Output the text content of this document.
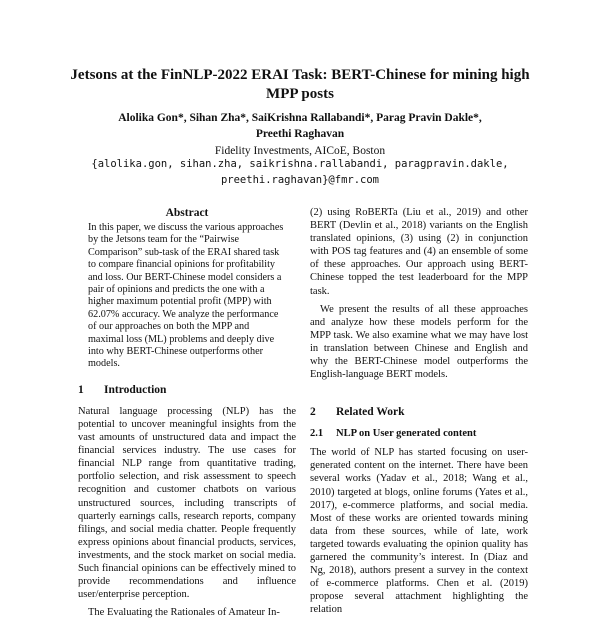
Jetsons at the FinNLP-2022 ERAI Task: BERT-Chinese for mining high
MPP posts
Alolika Gon*, Sihan Zha*, SaiKrishna Rallabandi*, Parag Pravin Dakle*,
Preethi Raghavan
Fidelity Investments, AICoE, Boston
{alolika.gon, sihan.zha, saikrishna.rallabandi, paragpravin.dakle,
preethi.raghavan}@fmr.com
Abstract

In this paper, we discuss the various approaches by the Jetsons team for the “Pairwise Comparison” sub-task of the ERAI shared task to compare financial opinions for profitability and loss. Our BERT-Chinese model considers a pair of opinions and predicts the one with a higher maximum potential profit (MPP) with 62.07% accuracy. We analyze the performance of our approaches on both the MPP and maximal loss (ML) problems and deeply dive into why BERT-Chinese outperforms other models.

1	Introduction

Natural language processing (NLP) has the potential to uncover meaningful insights from the vast amounts of unstructured data and impact the financial services industry. The use cases for financial NLP range from quantitative trading, portfolio selection, and risk assessment to speech recognition and customer chatbots on various unstructured sources, including transcripts of quarterly earnings calls, research reports, company filings, and social media chatter. People frequently express opinions about financial products, services, investments, and the stock market on social media. Such financial opinions can be effectively mined to provide recommendations and influence user/enterprise perception.

The Evaluating the Rationales of Amateur In-

(2) using RoBERTa (Liu et al., 2019) and other BERT (Devlin et al., 2018) variants on the English translated opinions, (3) using (2) in conjunction with POS tag features and (4) an ensemble of some of these approaches. Our approach using BERT-Chinese topped the test leaderboard for the MPP task.

We present the results of all these approaches and analyze how these models perform for the MPP task. We also examine what we may have lost in translation between Chinese and English and why the BERT-Chinese model outperforms the English-language BERT models.

2	Related Work
2.1	NLP on User generated content

The world of NLP has started focusing on user-generated content on the internet. There have been several works (Yadav et al., 2018; Wang et al., 2010) targeted at blogs, online forums (Yates et al., 2017), e-commerce platforms, and social media. Most of these works are oriented towards mining data from these sources, while of late, work targeted towards evaluating the opinion quality has garnered the community’s interest. In (Diaz and Ng, 2018), authors present a survey in the context of e-commerce platforms. Chen et al. (2019) propose several attachment highlighting the relation
